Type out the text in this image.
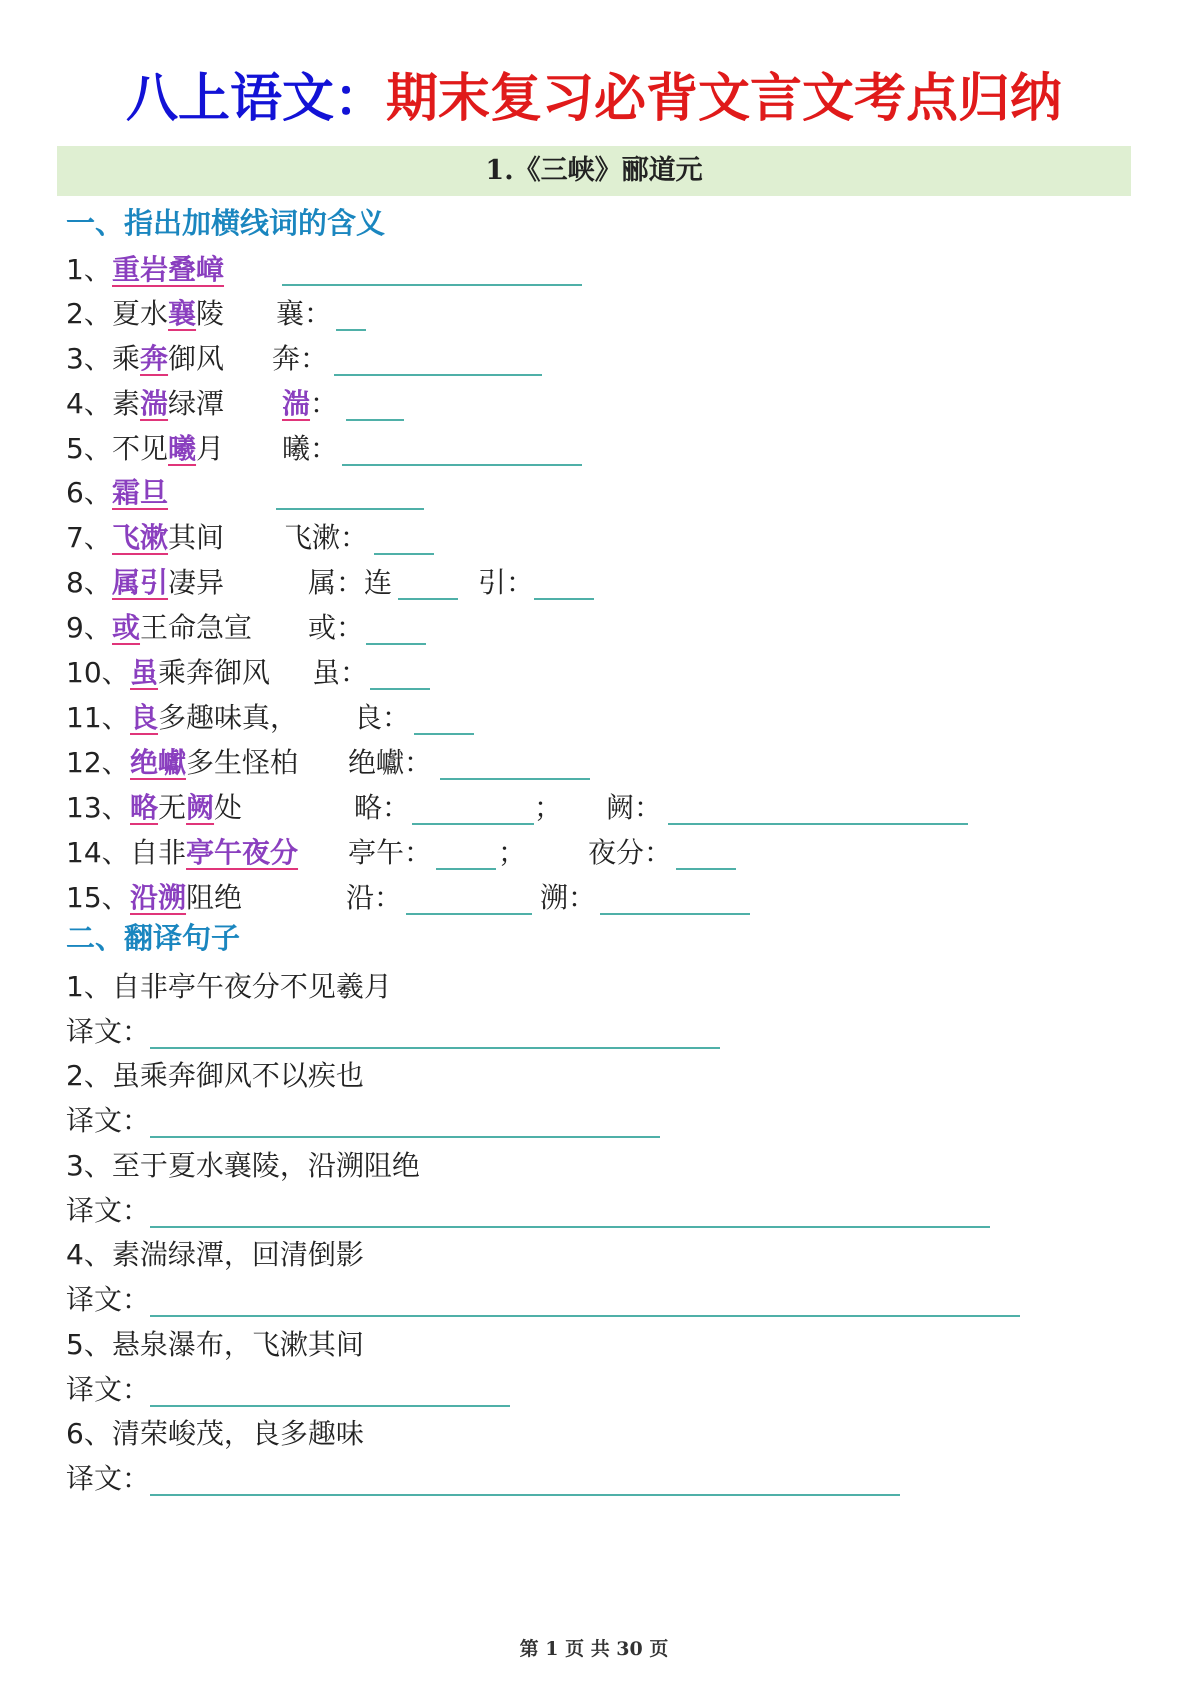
八上语文：期末复习必背文言文考点归纳
1.《三峡》郦道元
一、指出加横线词的含义
1、 重岩叠嶂
2、 夏水襄陵 襄：
3、 乘奔御风 奔：
4、 素湍绿潭 湍：
5、 不见曦月 曦：
6、 霜旦
7、 飞漱其间 飞漱：
8、 属引凄异	属：连	引：
9、 或王命急宣 或：
10、 虽乘奔御风 虽：
11、 良多趣味真， 良：
12、 绝巘多生怪柏 绝巘：
13、 略无阙处	略：	； 阙：
14、 自非亭午夜分 亭午： ； 夜分：
15、 沿溯阻绝	沿：	溯：
二、翻译句子
1、自非亭午夜分不见羲月
译文：
2、虽乘奔御风不以疾也
译文：
3、至于夏水襄陵，沿溯阻绝
译文：
4、素湍绿潭，回清倒影
译文：
5、悬泉瀑布，飞漱其间
译文：
6、清荣峻茂，良多趣味
译文：
第 1 页 共 30 页
